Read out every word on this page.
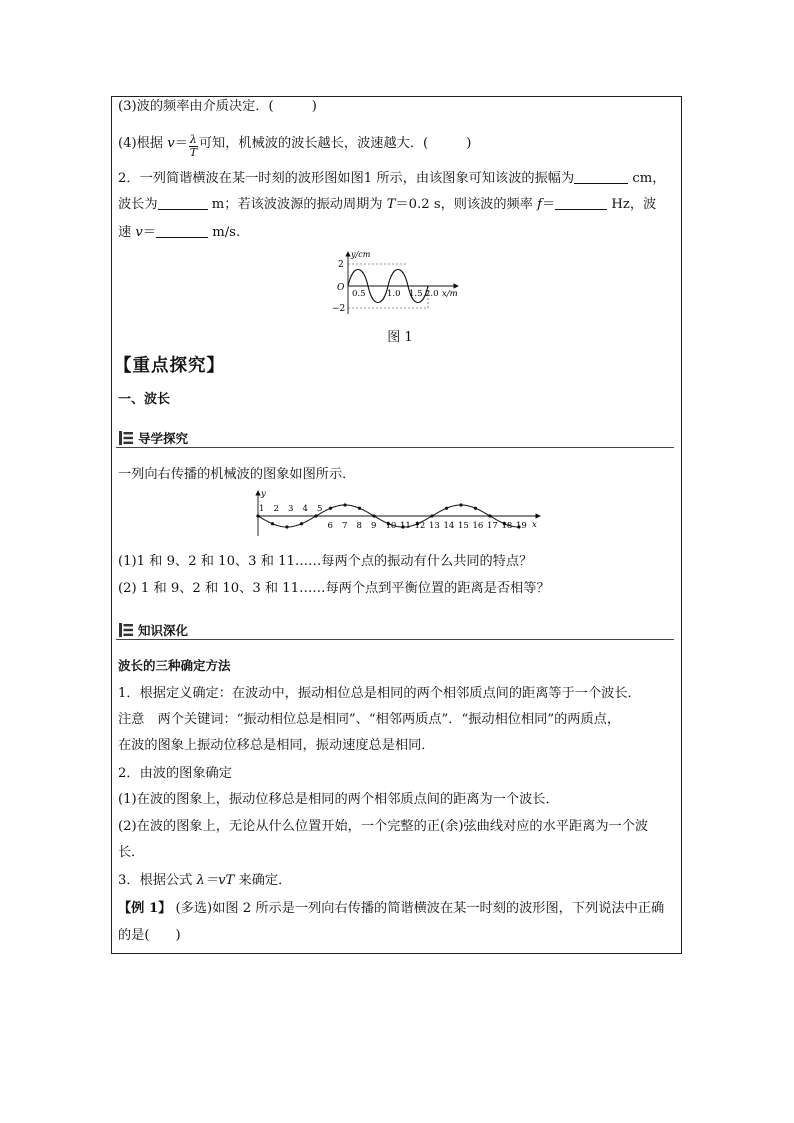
(3)波的频率由介质决定．(	)
(4)根据 $v= \frac{\lambda}{T}$ 可知，机械波的波长越长，波速越大．(	)
2．一列简谐横波在某一时刻的波形图如图1 所示，由该图象可知该波的振幅为	cm，
波长为	m；若该波波源的振动周期为 T＝0.2 s，则该波的频率 f＝	Hz，波
速 v＝	m/s.
y/cm
2
−2
O
0.5	1.0 1.5 2.0 x/m
图 1
【重点探究】
一、波长
导学探究
一列向右传播的机械波的图象如图所示．
1 2 3 4 5
6 7 8 9 10 11 12 13 14 15 16 17 18 19
y
x
(1)1 和 9、2 和 10、3 和 11……每两个点的振动有什么共同的特点？
(2) 1 和 9、2 和 10、3 和 11……每两个点到平衡位置的距离是否相等？
知识深化
波长的三种确定方法
1．根据定义确定：在波动中，振动相位总是相同的两个相邻质点间的距离等于一个波长．
注意　两个关键词：“振动相位总是相同”、“相邻两质点”．“振动相位相同”的两质点，
在波的图象上振动位移总是相同，振动速度总是相同．
2．由波的图象确定
(1)在波的图象上，振动位移总是相同的两个相邻质点间的距离为一个波长．
(2)在波的图象上，无论从什么位置开始，一个完整的正(余)弦曲线对应的水平距离为一个波
长．
3．根据公式 λ＝vT 来确定．
【例 1】 (多选)如图 2 所示是一列向右传播的简谐横波在某一时刻的波形图，下列说法中正确
的是( )
